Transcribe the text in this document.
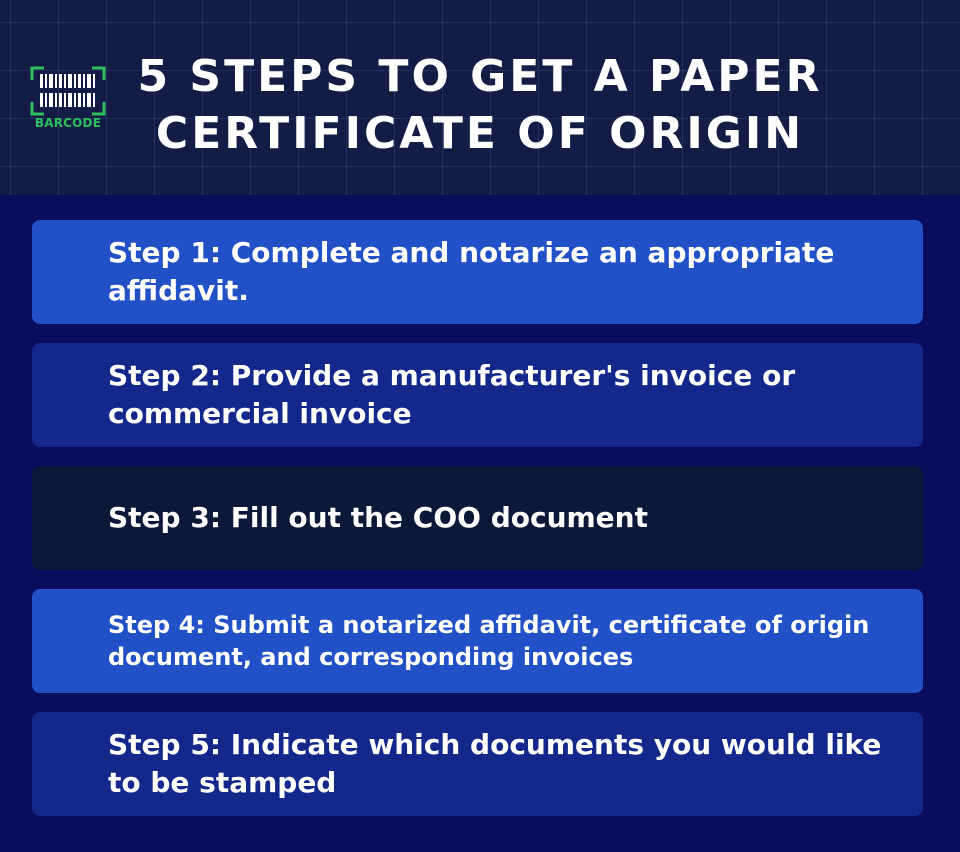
BARCODE
5 STEPS TO GET A PAPER
CERTIFICATE OF ORIGIN
Step 1: Complete and notarize an appropriate affidavit.
Step 2: Provide a manufacturer's invoice or commercial invoice
Step 3: Fill out the COO document
Step 4: Submit a notarized affidavit, certificate of origin document, and corresponding invoices
Step 5: Indicate which documents you would like to be stamped
